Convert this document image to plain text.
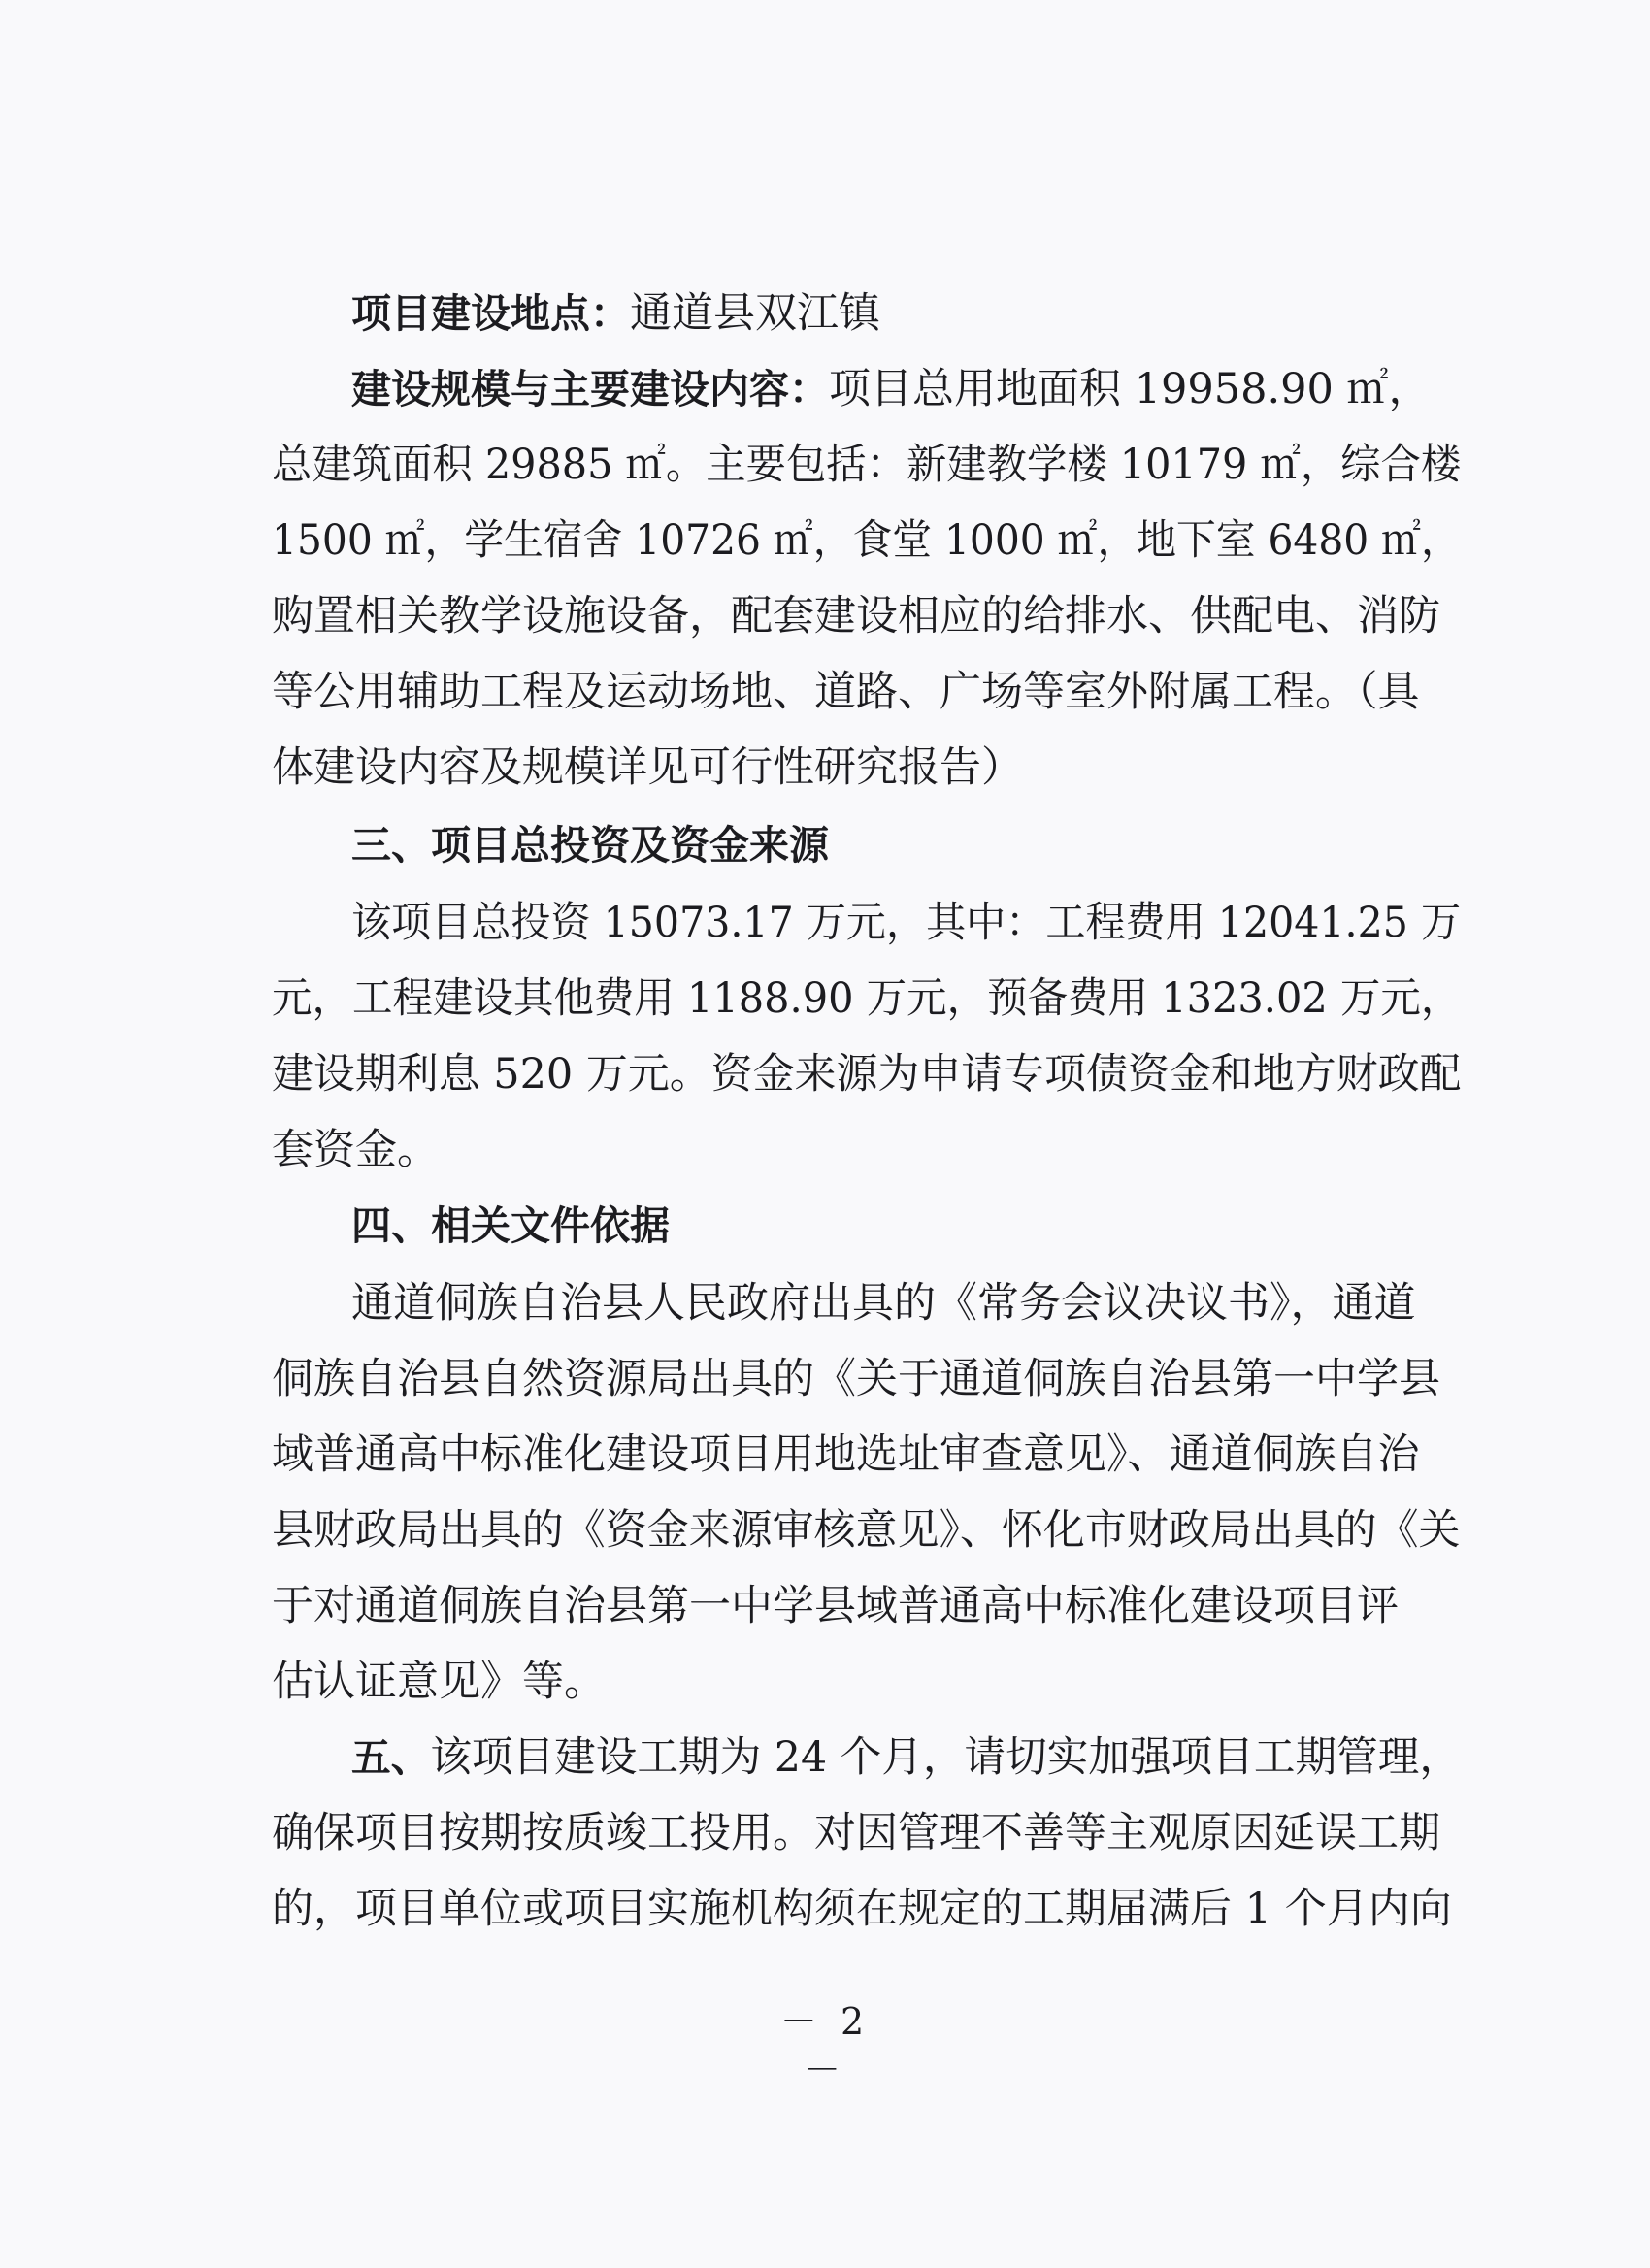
项目建设地点：通道县双江镇
建设规模与主要建设内容：项目总用地面积 19958.90 ㎡，
总建筑面积 29885 ㎡。主要包括：新建教学楼 10179 ㎡，综合楼
1500 ㎡，学生宿舍 10726 ㎡，食堂 1000 ㎡，地下室 6480 ㎡，
购置相关教学设施设备，配套建设相应的给排水、供配电、消防
等公用辅助工程及运动场地、道路、广场等室外附属工程。（具
体建设内容及规模详见可行性研究报告）
三、项目总投资及资金来源
该项目总投资 15073.17 万元，其中：工程费用 12041.25 万
元，工程建设其他费用 1188.90 万元，预备费用 1323.02 万元，
建设期利息 520 万元。资金来源为申请专项债资金和地方财政配
套资金。
四、相关文件依据
通道侗族自治县人民政府出具的《常务会议决议书》，通道
侗族自治县自然资源局出具的《关于通道侗族自治县第一中学县
域普通高中标准化建设项目用地选址审查意见》、通道侗族自治
县财政局出具的《资金来源审核意见》、怀化市财政局出具的《关
于对通道侗族自治县第一中学县域普通高中标准化建设项目评
估认证意见》等。
五、该项目建设工期为 24 个月，请切实加强项目工期管理，
确保项目按期按质竣工投用。对因管理不善等主观原因延误工期
的，项目单位或项目实施机构须在规定的工期届满后 1 个月内向
－ 2 －
